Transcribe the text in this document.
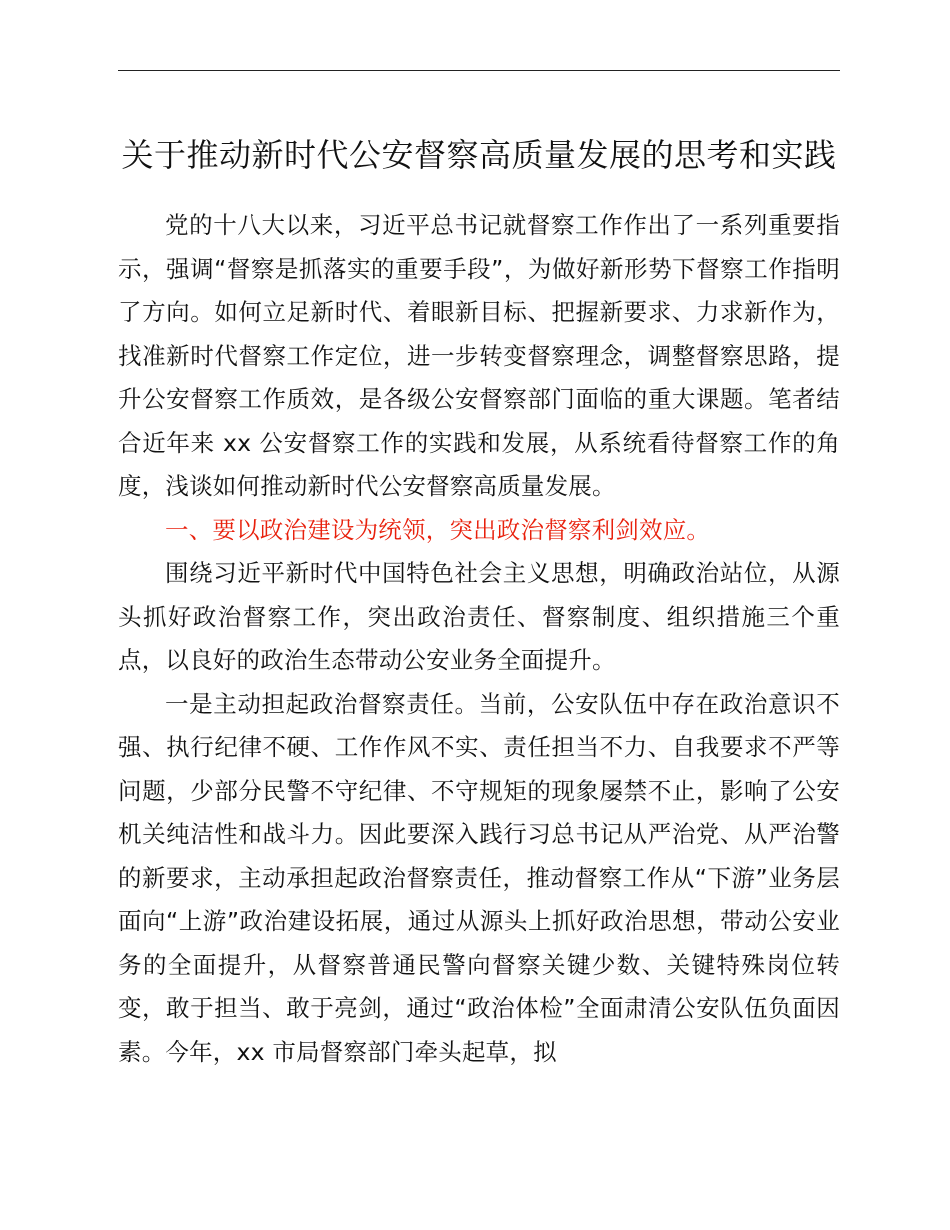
关于推动新时代公安督察高质量发展的思考和实践

党的十八大以来，习近平总书记就督察工作作出了一系列重要指示，强调“督察是抓落实的重要手段”，为做好新形势下督察工作指明了方向。如何立足新时代、着眼新目标、把握新要求、力求新作为，找准新时代督察工作定位，进一步转变督察理念，调整督察思路，提升公安督察工作质效，是各级公安督察部门面临的重大课题。笔者结合近年来 xx 公安督察工作的实践和发展，从系统看待督察工作的角度，浅谈如何推动新时代公安督察高质量发展。

一、要以政治建设为统领，突出政治督察利剑效应。

围绕习近平新时代中国特色社会主义思想，明确政治站位，从源头抓好政治督察工作，突出政治责任、督察制度、组织措施三个重点，以良好的政治生态带动公安业务全面提升。

一是主动担起政治督察责任。当前，公安队伍中存在政治意识不强、执行纪律不硬、工作作风不实、责任担当不力、自我要求不严等问题，少部分民警不守纪律、不守规矩的现象屡禁不止，影响了公安机关纯洁性和战斗力。因此要深入践行习总书记从严治党、从严治警的新要求，主动承担起政治督察责任，推动督察工作从“下游”业务层面向“上游”政治建设拓展，通过从源头上抓好政治思想，带动公安业务的全面提升，从督察普通民警向督察关键少数、关键特殊岗位转变，敢于担当、敢于亮剑，通过“政治体检”全面肃清公安队伍负面因素。今年，xx 市局督察部门牵头起草，拟
